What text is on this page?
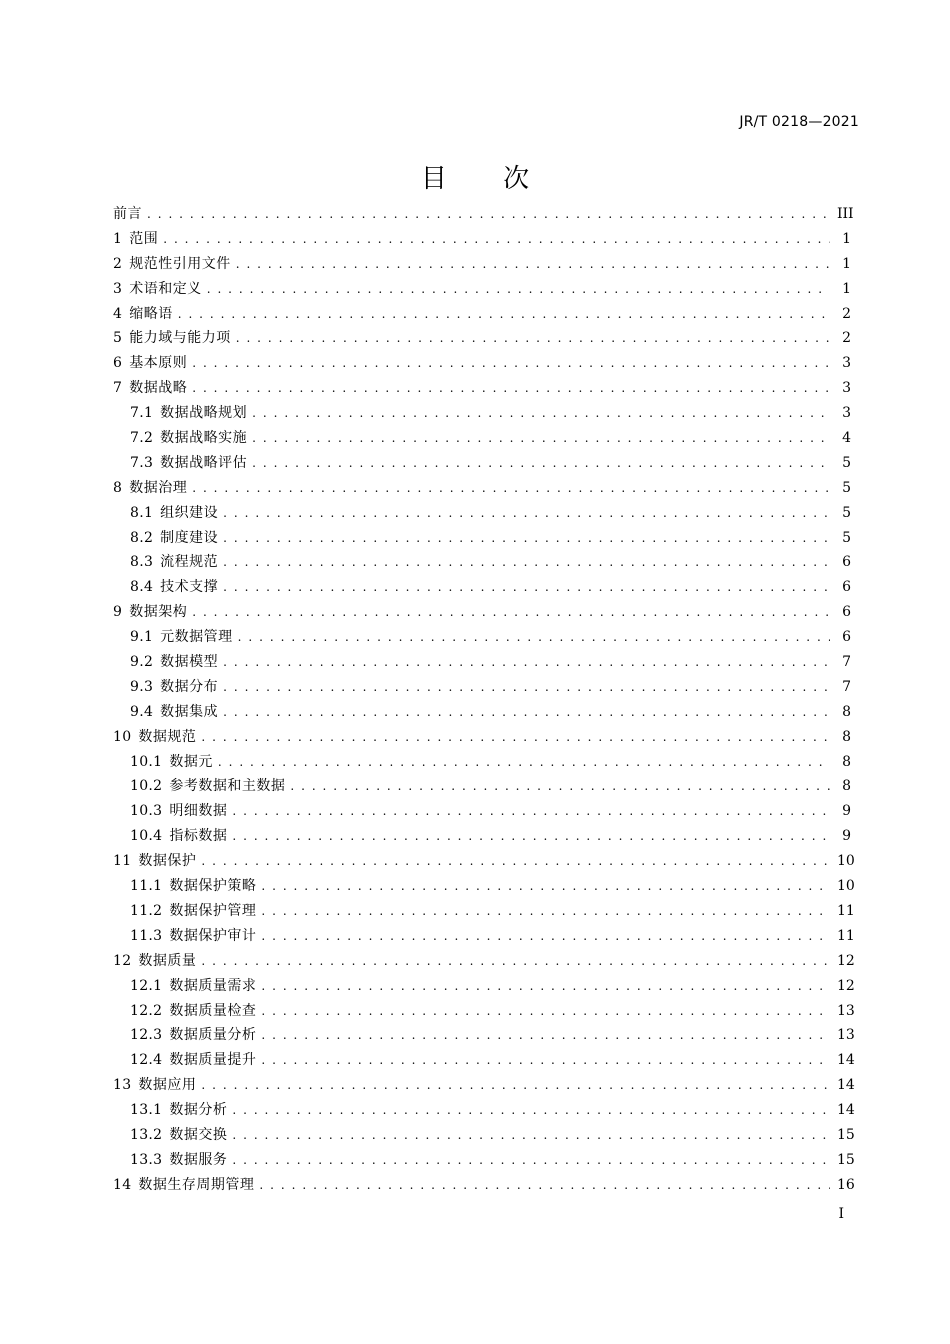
JR/T 0218—2021
目 次
前言 . . .	III
1 范围 . . .	1
2 规范性引用文件 . . .	1
3 术语和定义 . . .	1
4 缩略语 . . .	2
5 能力域与能力项 . . .	2
6 基本原则 . . .	3
7 数据战略 . . .	3
7.1 数据战略规划 . . .	3
7.2 数据战略实施 . . .	4
7.3 数据战略评估 . . .	5
8 数据治理 . . .	5
8.1 组织建设 . . .	5
8.2 制度建设 . . .	5
8.3 流程规范 . . .	6
8.4 技术支撑 . . .	6
9 数据架构 . . .	6
9.1 元数据管理 . . .	6
9.2 数据模型 . . .	7
9.3 数据分布 . . .	7
9.4 数据集成 . . .	8
10 数据规范 . . .	8
10.1 数据元 . . .	8
10.2 参考数据和主数据 . . .	8
10.3 明细数据 . . .	9
10.4 指标数据 . . .	9
11 数据保护 . . .	10
11.1 数据保护策略 . . .	10
11.2 数据保护管理 . . .	11
11.3 数据保护审计 . . .	11
12 数据质量 . . .	12
12.1 数据质量需求 . . .	12
12.2 数据质量检查 . . .	13
12.3 数据质量分析 . . .	13
12.4 数据质量提升 . . .	14
13 数据应用 . . .	14
13.1 数据分析 . . .	14
13.2 数据交换 . . .	15
13.3 数据服务 . . .	15
14 数据生存周期管理 . . .	16
I
